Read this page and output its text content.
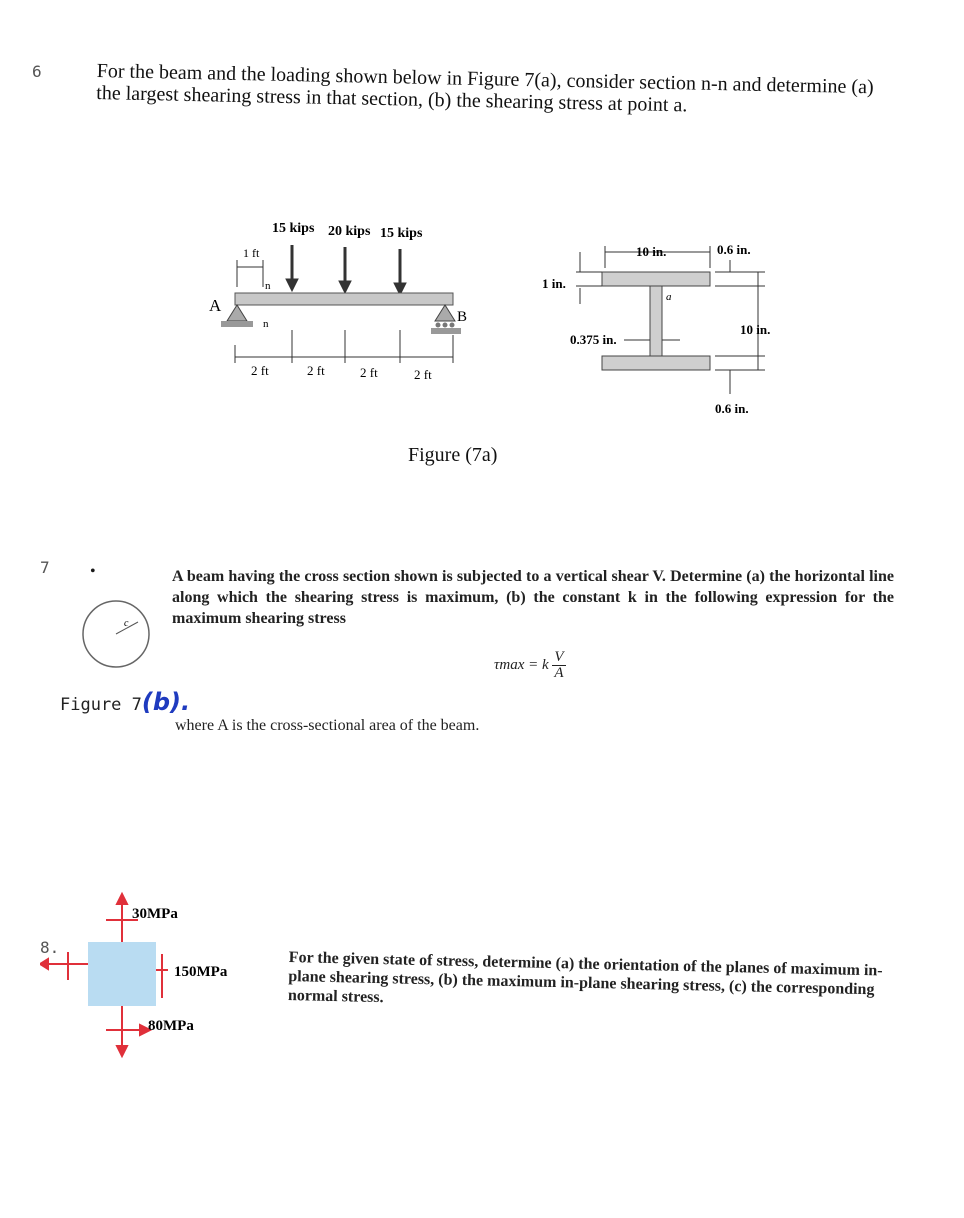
6	For the beam and the loading shown below in Figure 7(a), consider section n-n and determine (a) the largest shearing stress in that section, (b) the shearing stress at point a.
15 kips 20 kips 15 kips
1 ft
n
n
A
B
2 ft	2 ft	2 ft	2 ft
a
10 in.	0.6 in.
10 in.
0.6 in.
1 in.
0.375 in.
Figure (7a)
7	•	A beam having the cross section shown is subjected to a vertical shear V. Determine (a) the horizontal line along which the shearing stress is maximum, (b) the constant k in the following expression for the maximum shearing stress
c
τmax = k $\frac{V}{A}$
Figure 7(b).
where A is the cross-sectional area of the beam.
8.
30MPa
150MPa
80MPa
For the given state of stress, determine (a) the orientation of the planes of maximum in-plane shearing stress, (b) the maximum in-plane shearing stress, (c) the corresponding normal stress.
